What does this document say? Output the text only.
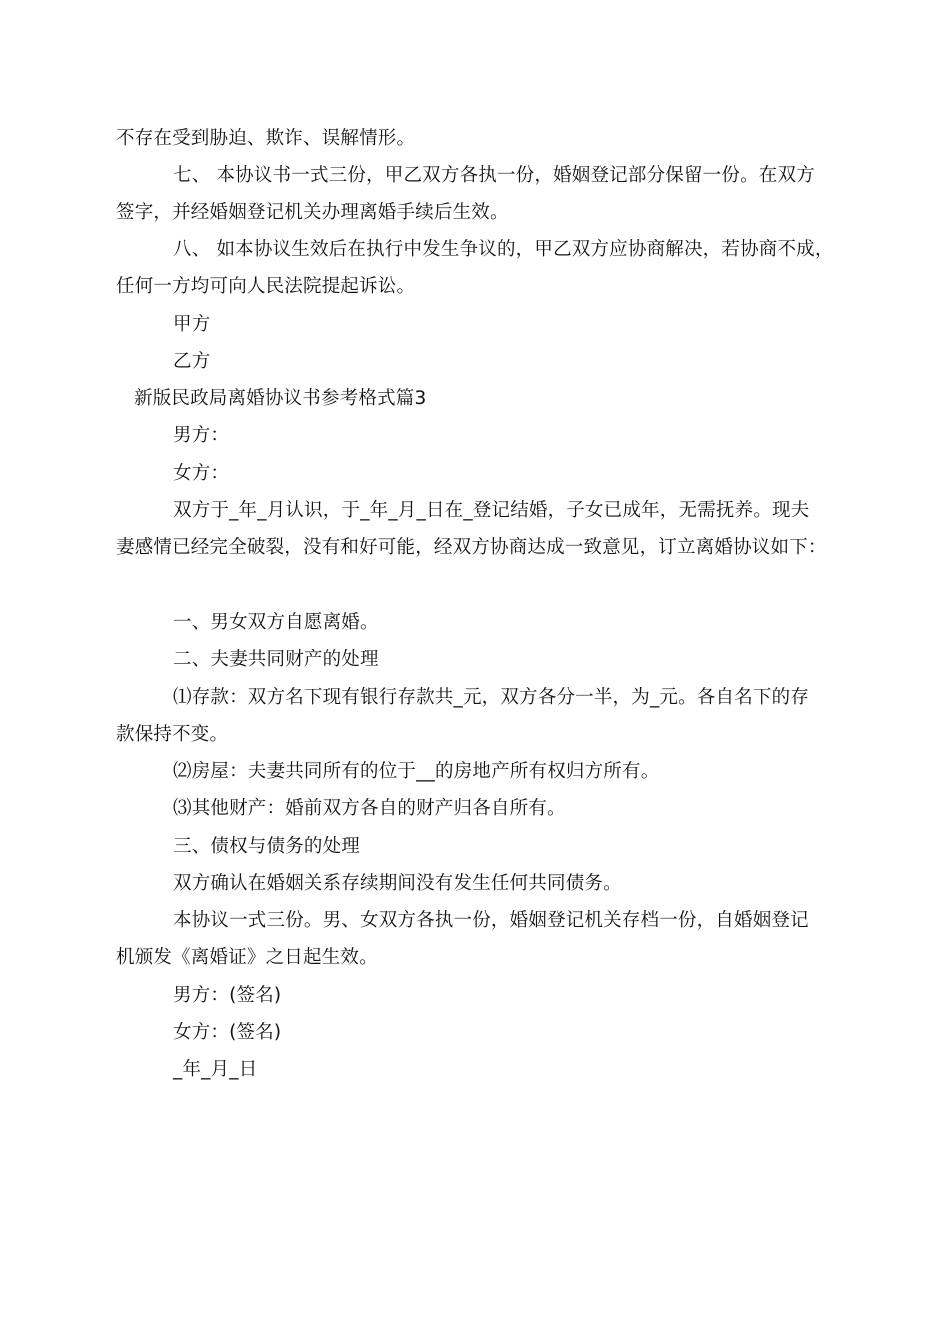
不存在受到胁迫、欺诈、误解情形。
七、 本协议书一式三份，甲乙双方各执一份，婚姻登记部分保留一份。在双方
签字，并经婚姻登记机关办理离婚手续后生效。
八、 如本协议生效后在执行中发生争议的，甲乙双方应协商解决，若协商不成，
任何一方均可向人民法院提起诉讼。
甲方
乙方
新版民政局离婚协议书参考格式篇3
男方：
女方：
双方于_年_月认识，于_年_月_日在_登记结婚，子女已成年，无需抚养。现夫
妻感情已经完全破裂，没有和好可能，经双方协商达成一致意见，订立离婚协议如下：
一、男女双方自愿离婚。
二、夫妻共同财产的处理
⑴存款：双方名下现有银行存款共_元，双方各分一半，为_元。各自名下的存
款保持不变。
⑵房屋：夫妻共同所有的位于__的房地产所有权归方所有。
⑶其他财产：婚前双方各自的财产归各自所有。
三、债权与债务的处理
双方确认在婚姻关系存续期间没有发生任何共同债务。
本协议一式三份。男、女双方各执一份，婚姻登记机关存档一份，自婚姻登记
机颁发《离婚证》之日起生效。
男方：(签名)
女方：(签名)
_年_月_日
